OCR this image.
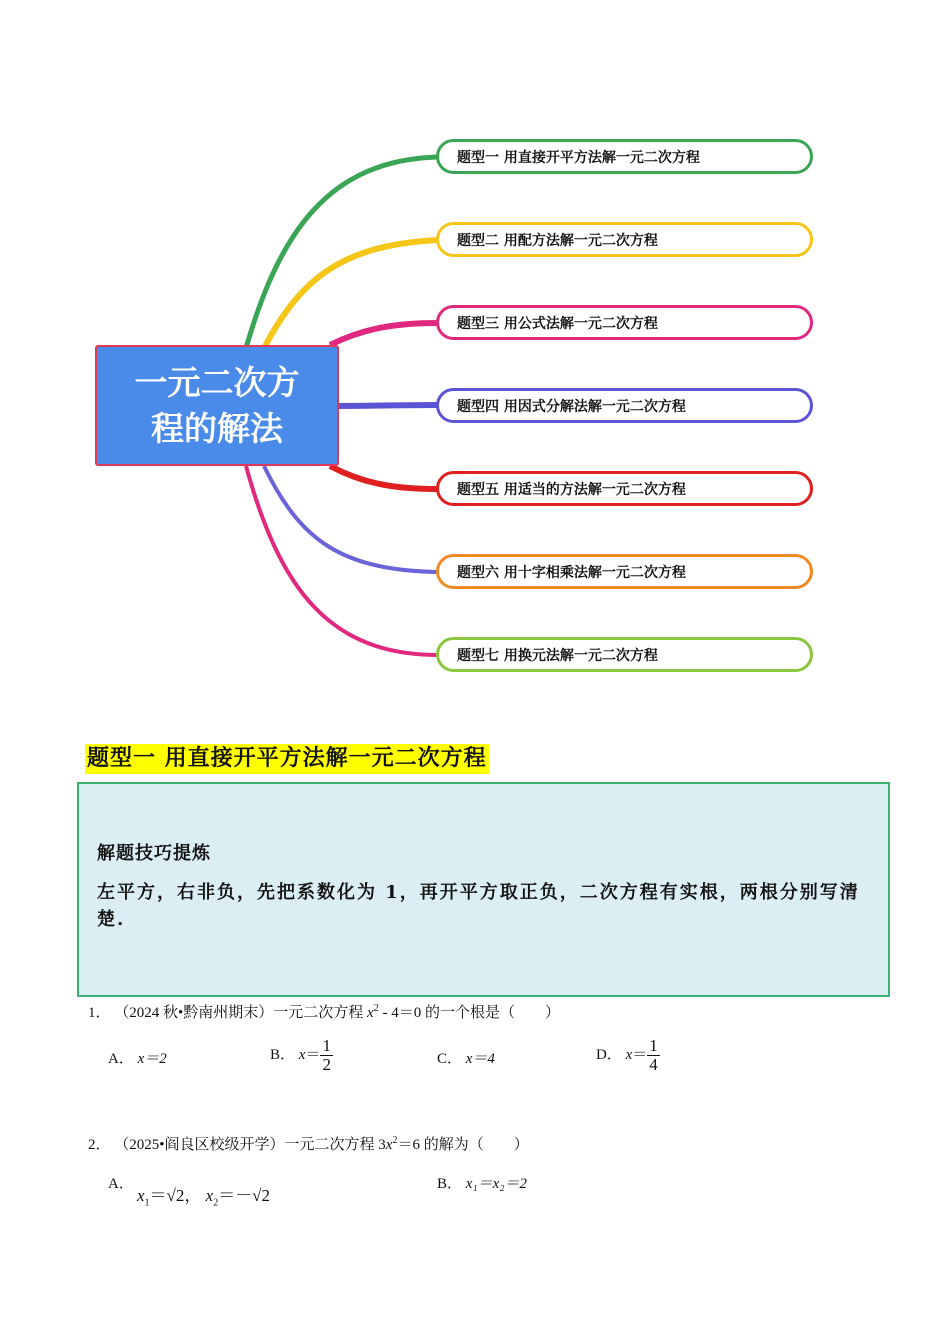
一元二次方程的解法
题型一 用直接开平方法解一元二次方程
题型二 用配方法解一元二次方程
题型三 用公式法解一元二次方程
题型四 用因式分解法解一元二次方程
题型五 用适当的方法解一元二次方程
题型六 用十字相乘法解一元二次方程
题型七 用换元法解一元二次方程
题型一 用直接开平方法解一元二次方程
解题技巧提炼
左平方，右非负，先把系数化为 1，再开平方取正负，二次方程有实根，两根分别写清楚.
1． （2024 秋•黔南州期末）一元二次方程 $x^2 - 4=0$ 的一个根是（　　）
A． x＝2	B． $x= \frac{1}{2}$	C． x＝4	D． $x= \frac{1}{4}$
2． （2025•阎良区校级开学）一元二次方程 $3x^2=6$ 的解为（　　）
A．
$x_1=√2$， $x_2=-√2$
B． x₁＝x₂＝2
